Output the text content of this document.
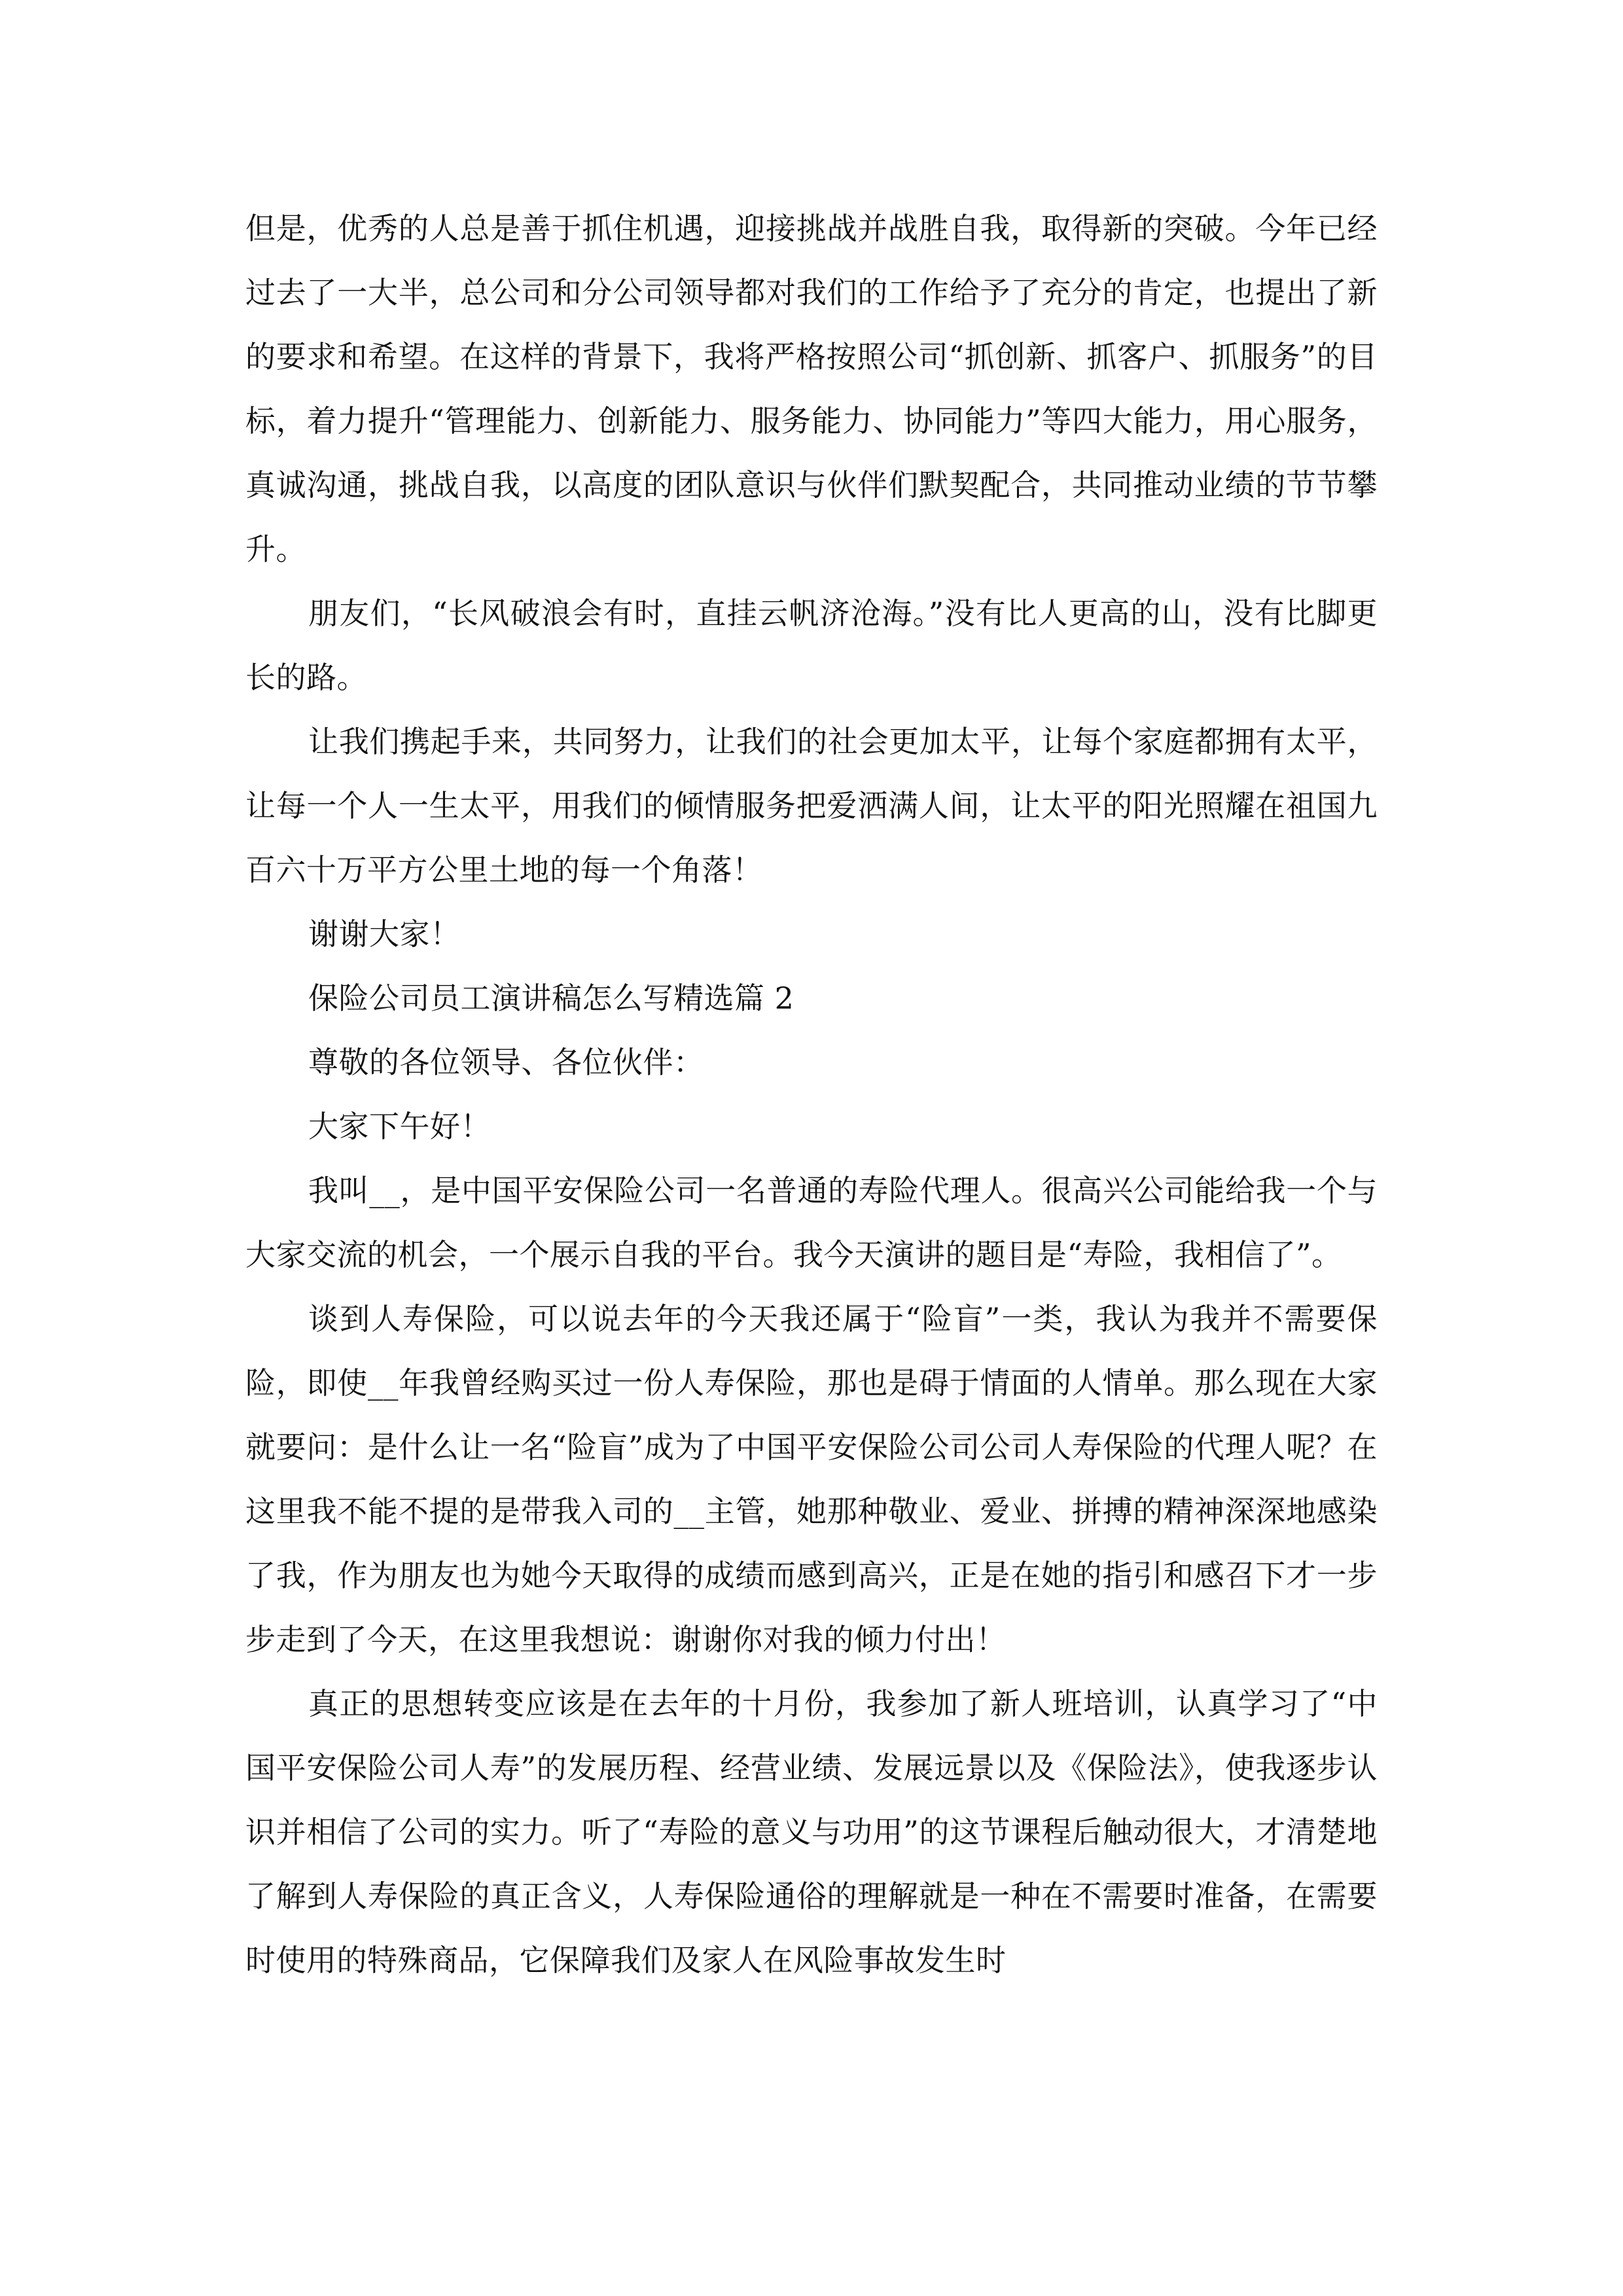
但是，优秀的人总是善于抓住机遇，迎接挑战并战胜自我，取得新的突破。今年已经过去了一大半，总公司和分公司领导都对我们的工作给予了充分的肯定，也提出了新的要求和希望。在这样的背景下，我将严格按照公司“抓创新、抓客户、抓服务”的目标，着力提升“管理能力、创新能力、服务能力、协同能力”等四大能力，用心服务，真诚沟通，挑战自我，以高度的团队意识与伙伴们默契配合，共同推动业绩的节节攀升。

朋友们，“长风破浪会有时，直挂云帆济沧海。”没有比人更高的山，没有比脚更长的路。

让我们携起手来，共同努力，让我们的社会更加太平，让每个家庭都拥有太平，让每一个人一生太平，用我们的倾情服务把爱洒满人间，让太平的阳光照耀在祖国九百六十万平方公里土地的每一个角落！

谢谢大家！

保险公司员工演讲稿怎么写精选篇 2

尊敬的各位领导、各位伙伴：

大家下午好！

我叫__，是中国平安保险公司一名普通的寿险代理人。很高兴公司能给我一个与大家交流的机会，一个展示自我的平台。我今天演讲的题目是“寿险，我相信了”。

谈到人寿保险，可以说去年的今天我还属于“险盲”一类，我认为我并不需要保险，即使__年我曾经购买过一份人寿保险，那也是碍于情面的人情单。那么现在大家就要问：是什么让一名“险盲”成为了中国平安保险公司公司人寿保险的代理人呢？在这里我不能不提的是带我入司的__主管，她那种敬业、爱业、拼搏的精神深深地感染了我，作为朋友也为她今天取得的成绩而感到高兴，正是在她的指引和感召下才一步步走到了今天，在这里我想说：谢谢你对我的倾力付出！

真正的思想转变应该是在去年的十月份，我参加了新人班培训，认真学习了“中国平安保险公司人寿”的发展历程、经营业绩、发展远景以及《保险法》，使我逐步认识并相信了公司的实力。听了“寿险的意义与功用”的这节课程后触动很大，才清楚地了解到人寿保险的真正含义，人寿保险通俗的理解就是一种在不需要时准备，在需要时使用的特殊商品，它保障我们及家人在风险事故发生时
